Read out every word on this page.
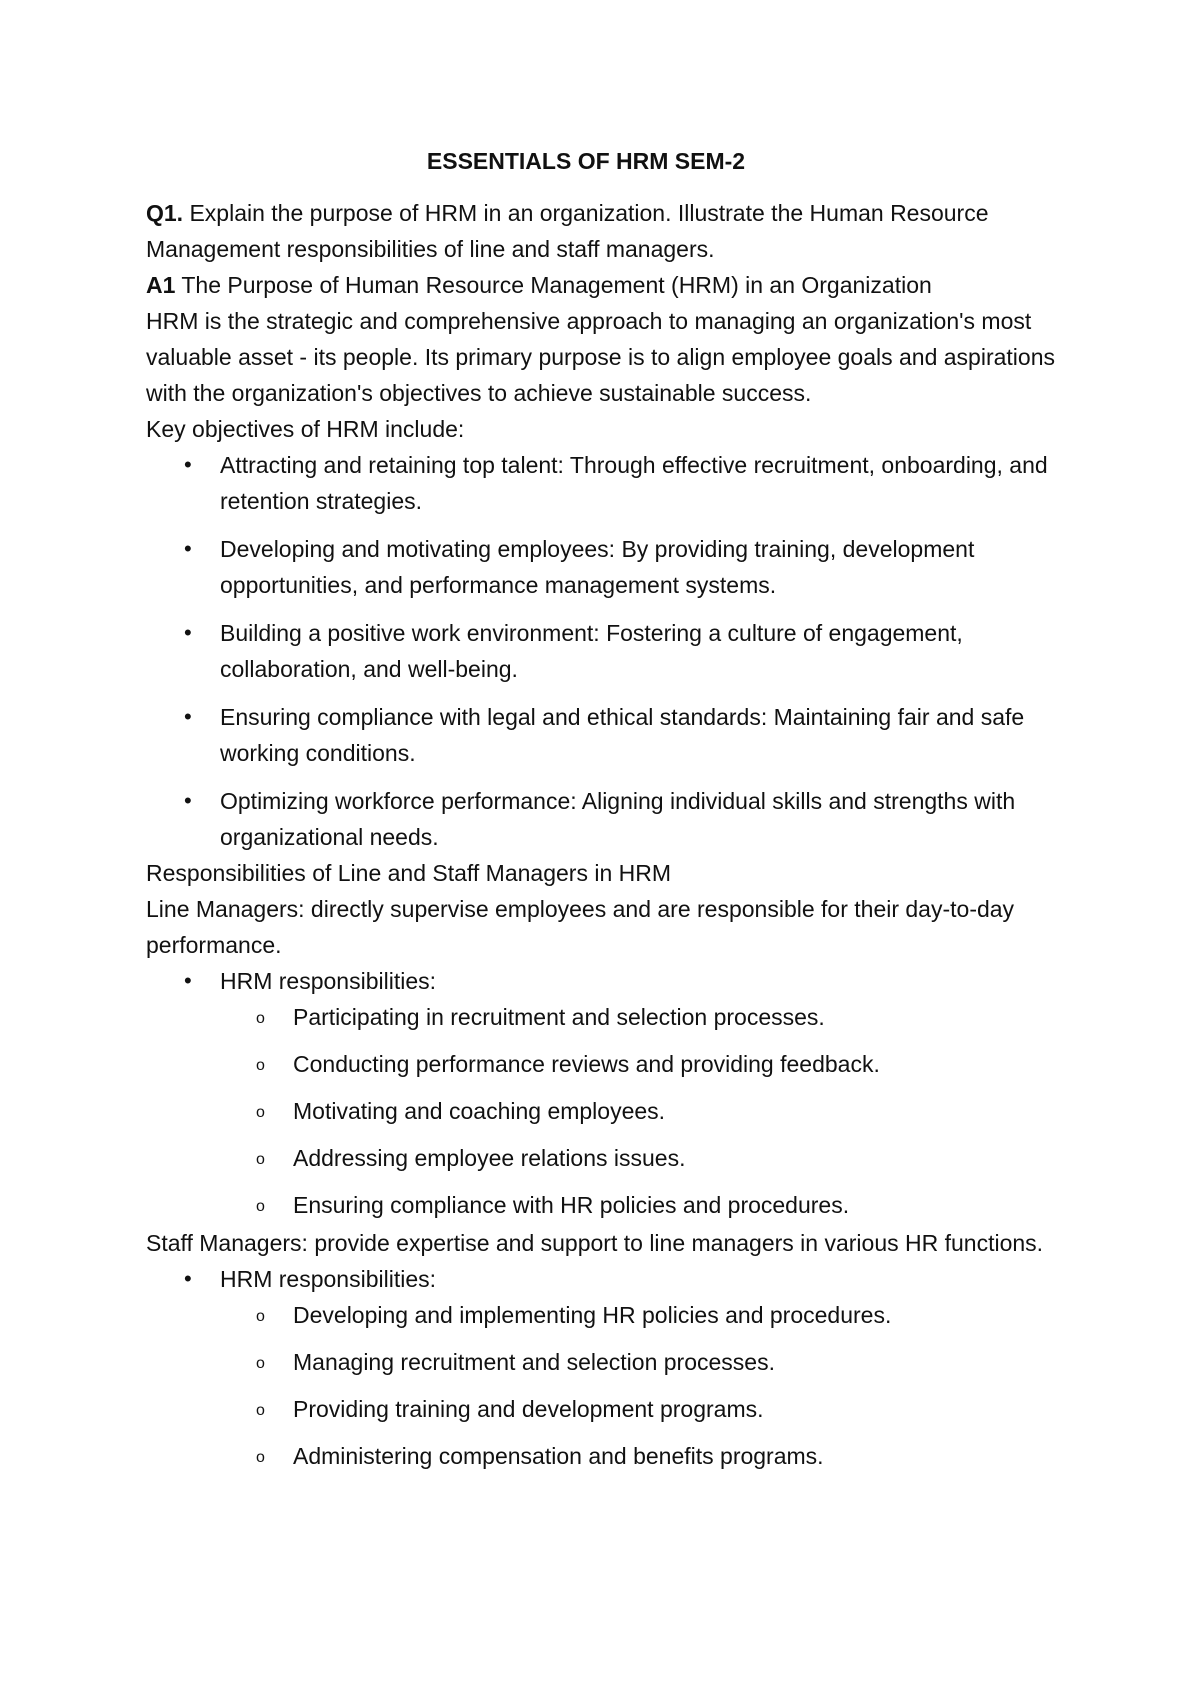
ESSENTIALS OF HRM SEM-2

Q1. Explain the purpose of HRM in an organization. Illustrate the Human Resource Management responsibilities of line and staff managers.

A1 The Purpose of Human Resource Management (HRM) in an Organization

HRM is the strategic and comprehensive approach to managing an organization's most valuable asset - its people. Its primary purpose is to align employee goals and aspirations with the organization's objectives to achieve sustainable success.

Key objectives of HRM include:

• Attracting and retaining top talent: Through effective recruitment, onboarding, and retention strategies.
• Developing and motivating employees: By providing training, development opportunities, and performance management systems.
• Building a positive work environment: Fostering a culture of engagement, collaboration, and well-being.
• Ensuring compliance with legal and ethical standards: Maintaining fair and safe working conditions.
• Optimizing workforce performance: Aligning individual skills and strengths with organizational needs.

Responsibilities of Line and Staff Managers in HRM

Line Managers: directly supervise employees and are responsible for their day-to-day performance.

• HRM responsibilities:
o Participating in recruitment and selection processes.
o Conducting performance reviews and providing feedback.
o Motivating and coaching employees.
o Addressing employee relations issues.
o Ensuring compliance with HR policies and procedures.

Staff Managers: provide expertise and support to line managers in various HR functions.

• HRM responsibilities:
o Developing and implementing HR policies and procedures.
o Managing recruitment and selection processes.
o Providing training and development programs.
o Administering compensation and benefits programs.
